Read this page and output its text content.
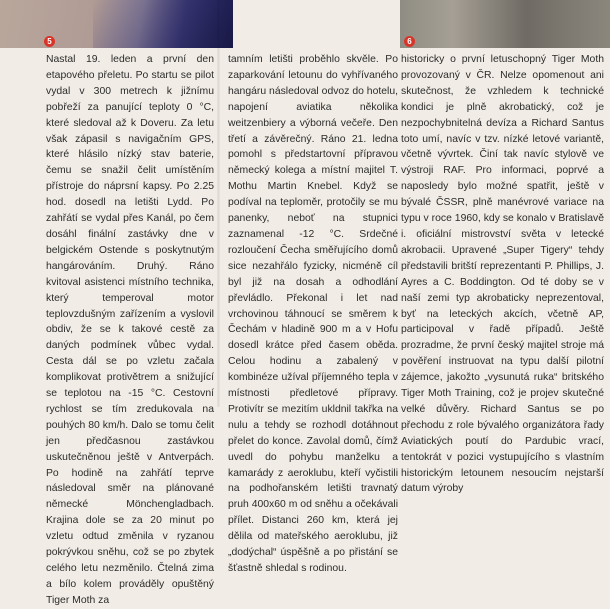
5	6

Nastal 19. leden a první den etapového přeletu. Po startu se pilot vydal v 300 metrech k jižnímu pobřeží za panující teploty 0 °C, které sledoval až k Doveru. Za letu však zápasil s navigačním GPS, které hlásilo nízký stav baterie, čemu se snažil čelit umístěním přístroje do náprsní kapsy. Po 2.25 hod. dosedl na letišti Lydd. Po zahřátí se vydal přes Kanál, po čem dosáhl finální zastávky dne v belgickém Ostende s poskytnutým hangárováním. Druhý. Ráno kvitoval asistenci místního technika, který temperoval motor teplovzdušným zařízením a vyslovil obdiv, že se k takové cestě za daných podmínek vůbec vydal. Cesta dál se po vzletu začala komplikovat protivětrem a snižující se teplotou na -15 °C. Cestovní rychlost se tím zredukovala na pouhých 80 km/h. Dalo se tomu čelit jen předčasnou zastávkou uskutečněnou ještě v Antverpách. Po hodině na zahřátí teprve následoval směr na plánované německé Mönchengladbach. Krajina dole se za 20 minut po vzletu odtud změnila v ryzanou pokrývkou sněhu, což se po zbytek celého letu nezměnilo. Čtelná zima a bílo kolem prováděly opuštěný Tiger Moth za

tamním letišti proběhlo skvěle. Po zaparkování letounu do vyhřívaného hangáru následoval odvoz do hotelu, napojení aviatika několika weitzenbiery a výborná večeře. Den třetí a závěrečný. Ráno 21. ledna pomohl s předstartovní přípravou německý kolega a místní majitel T. Mothu Martin Knebel. Když se podíval na teploměr, protočily se mu panenky, neboť na stupnici zaznamenal -12 °C. Srdečné rozloučení Čecha směřujícího domů sice nezahřálo fyzicky, nicméně cíl byl již na dosah a odhodlání převládlo. Překonal i let nad vrchovinou táhnoucí se směrem k Čechám v hladině 900 m a v Hofu dosedl krátce před časem oběda. Celou hodinu a zabalený v kombinéze užíval příjemného tepla v místnosti předletové přípravy. Protivítr se mezitím ukldnil takřka na nulu a tehdy se rozhodl dotáhnout přelet do konce. Zavolal domů, čímž uvedl do pohybu manželku a kamarády z aeroklubu, kteří vyčistili na podhořanském letišti travnatý pruh 400x60 m od sněhu a očekávali přílet. Distanci 260 km, která jej dělila od mateřského aeroklubu, již „dodýchal“ úspěšně a po přistání se šťastně shledal s rodinou.

historicky o první letuschopný Tiger Moth provozovaný v ČR. Nelze opomenout ani skutečnost, že vzhledem k technické kondici je plně akrobatický, což je nezpochybnitelná devíza a Richard Santus toto umí, navíc v tzv. nízké letové variantě, včetně vývrtek. Činí tak navíc stylově ve výstroji RAF. Pro informaci, poprvé a naposledy bylo možné spatřit, ještě v bývalé ČSSR, plně manévrové variace na typu v roce 1960, kdy se konalo v Bratislavě i. oficiální mistrovství světa v letecké akrobacii. Upravené „Super Tigery“ tehdy představili britští reprezentanti P. Phillips, J. Ayres a C. Boddington. Od té doby se v naší zemi typ akrobaticky neprezentoval, byť na leteckých akcích, včetně AP, participoval v řadě případů. Ještě prozradme, že první český majitel stroje má pověření instruovat na typu další pilotní zájemce, jakožto „vysunutá ruka“ britského Tiger Moth Training, což je projev skutečné velké důvěry. Richard Santus se po přechodu z role bývalého organizátora řady Aviatických poutí do Pardubic vrací, tentokrát v pozici vystupujícího s vlastním historickým letounem nesoucím nejstarší datum výroby
